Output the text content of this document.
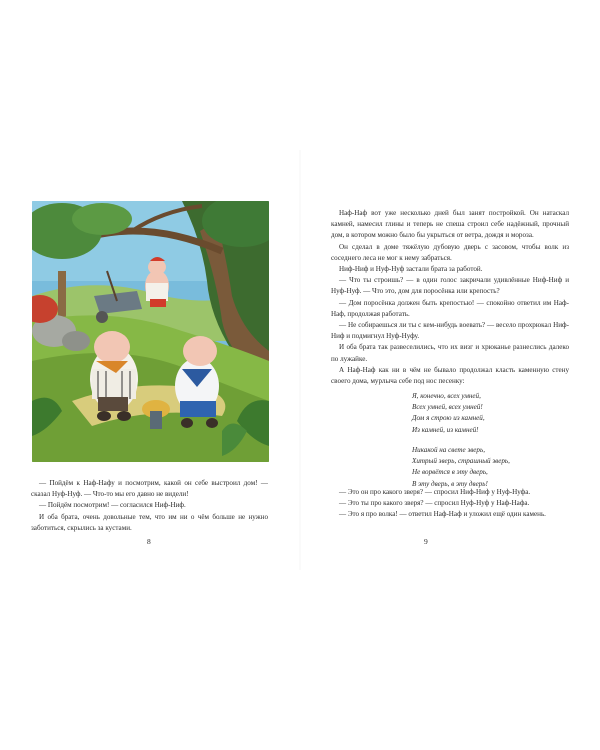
— Пойдём к Наф-Нафу и посмотрим, какой он себе выстроил дом! — сказал Нуф-Нуф. — Что-то мы его давно не видели!

— Пойдём посмотрим! — согласился Ниф-Ниф.

И оба брата, очень довольные тем, что им ни о чём больше не нужно заботиться, скрылись за кустами.

8

Наф-Наф вот уже несколько дней был занят постройкой. Он натаскал камней, намесил глины и теперь не спеша строил себе надёжный, прочный дом, в котором можно было бы укрыться от ветра, дождя и мороза.

Он сделал в доме тяжёлую дубовую дверь с засовом, чтобы волк из соседнего леса не мог к нему забраться.

Ниф-Ниф и Нуф-Нуф застали брата за работой.

— Что ты строишь? — в один голос закричали удивлённые Ниф-Ниф и Нуф-Нуф. — Что это, дом для поросёнка или крепость?

— Дом поросёнка должен быть крепостью! — спокойно ответил им Наф-Наф, продолжая работать.

— Не собираешься ли ты с кем-нибудь воевать? — весело прохрюкал Ниф-Ниф и подмигнул Нуф-Нуфу.

И оба брата так развеселились, что их визг и хрюканье разнеслись далеко по лужайке.

А Наф-Наф как ни в чём не бывало продолжал класть каменную стену своего дома, мурлыча себе под нос песенку:

Я, конечно, всех умней,

Всех умней, всех умней!

Дом я строю из камней,

Из камней, из камней!

Никакой на свете зверь,

Хитрый зверь, страшный зверь,

Не ворвётся в эту дверь,

В эту дверь, в эту дверь!

— Это он про какого зверя? — спросил Ниф-Ниф у Нуф-Нуфа.

— Это ты про какого зверя? — спросил Нуф-Нуф у Наф-Нафа.

— Это я про волка! — ответил Наф-Наф и уложил ещё один камень.

9
